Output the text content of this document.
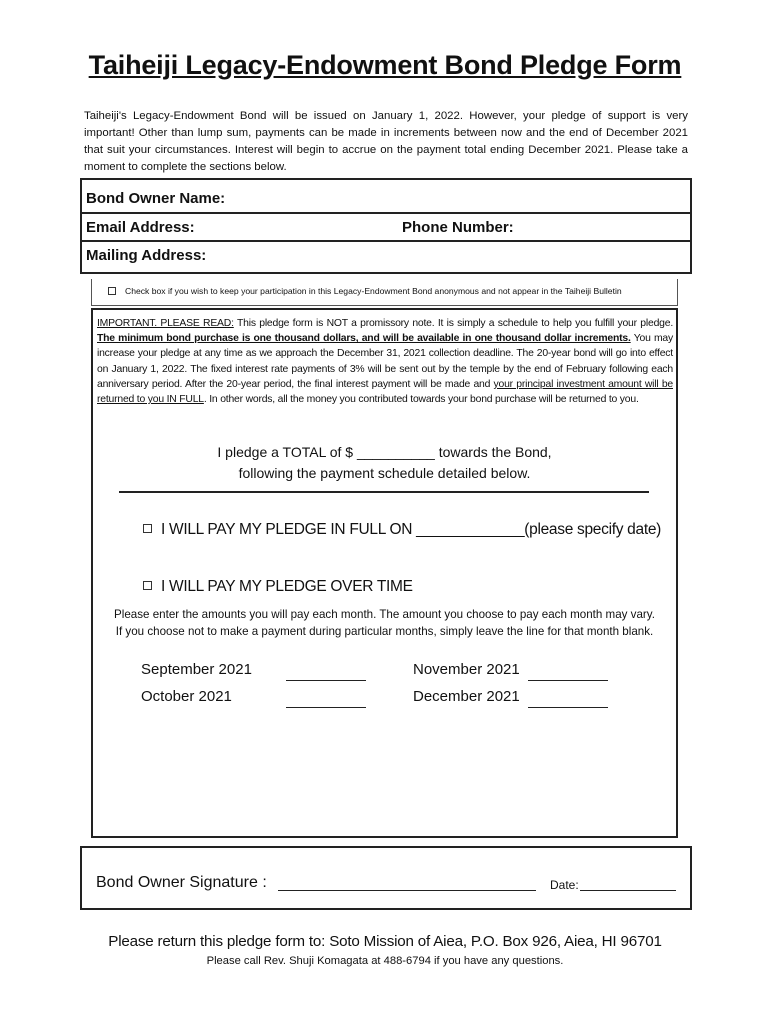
Taiheiji Legacy-Endowment Bond Pledge Form

Taiheiji's Legacy-Endowment Bond will be issued on January 1, 2022. However, your pledge of support is very important! Other than lump sum, payments can be made in increments between now and the end of December 2021 that suit your circumstances. Interest will begin to accrue on the payment total ending December 2021. Please take a moment to complete the sections below.

Bond Owner Name:
Email Address:	Phone Number:
Mailing Address:
Check box if you wish to keep your participation in this Legacy-Endowment Bond anonymous and not appear in the Taiheiji Bulletin

IMPORTANT. PLEASE READ: This pledge form is NOT a promissory note. It is simply a schedule to help you fulfill your pledge. The minimum bond purchase is one thousand dollars, and will be available in one thousand dollar increments. You may increase your pledge at any time as we approach the December 31, 2021 collection deadline. The 20-year bond will go into effect on January 1, 2022. The fixed interest rate payments of 3% will be sent out by the temple by the end of February following each anniversary period. After the 20-year period, the final interest payment will be made and your principal investment amount will be returned to you IN FULL. In other words, all the money you contributed towards your bond purchase will be returned to you.

I pledge a TOTAL of $ __________ towards the Bond,
following the payment schedule detailed below.
I WILL PAY MY PLEDGE IN FULL ON _____________(please specify date)
I WILL PAY MY PLEDGE OVER TIME
Please enter the amounts you will pay each month. The amount you choose to pay each month may vary.
If you choose not to make a payment during particular months, simply leave the line for that month blank.
September 2021
October 2021
November 2021
December 2021
Bond Owner Signature :	Date:
Please return this pledge form to: Soto Mission of Aiea, P.O. Box 926, Aiea, HI 96701
Please call Rev. Shuji Komagata at 488-6794 if you have any questions.
